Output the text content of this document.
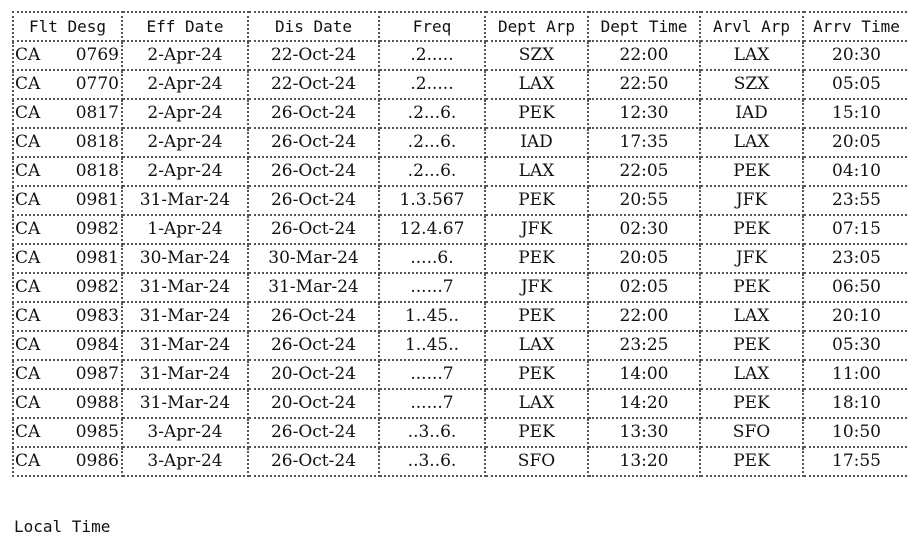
Flt Desg	Eff Date	Dis Date	Freq	Dept Arp	Dept Time	Arvl Arp	Arrv Time

CA 0769	2-Apr-24	22-Oct-24	.2.....	SZX	22:00	LAX	20:30

CA 0770	2-Apr-24	22-Oct-24	.2.....	LAX	22:50	SZX	05:05

CA 0817	2-Apr-24	26-Oct-24	.2...6.	PEK	12:30	IAD	15:10

CA 0818	2-Apr-24	26-Oct-24	.2...6.	IAD	17:35	LAX	20:05

CA 0818	2-Apr-24	26-Oct-24	.2...6.	LAX	22:05	PEK	04:10

CA 0981	31-Mar-24	26-Oct-24	1.3.567	PEK	20:55	JFK	23:55

CA 0982	1-Apr-24	26-Oct-24	12.4.67	JFK	02:30	PEK	07:15

CA 0981	30-Mar-24	30-Mar-24	.....6.	PEK	20:05	JFK	23:05

CA 0982	31-Mar-24	31-Mar-24	......7	JFK	02:05	PEK	06:50

CA 0983	31-Mar-24	26-Oct-24	1..45..	PEK	22:00	LAX	20:10

CA 0984	31-Mar-24	26-Oct-24	1..45..	LAX	23:25	PEK	05:30

CA 0987	31-Mar-24	20-Oct-24	......7	PEK	14:00	LAX	11:00

CA 0988	31-Mar-24	20-Oct-24	......7	LAX	14:20	PEK	18:10

CA 0985	3-Apr-24	26-Oct-24	..3..6.	PEK	13:30	SFO	10:50

CA 0986	3-Apr-24	26-Oct-24	..3..6.	SFO	13:20	PEK	17:55
Local Time
